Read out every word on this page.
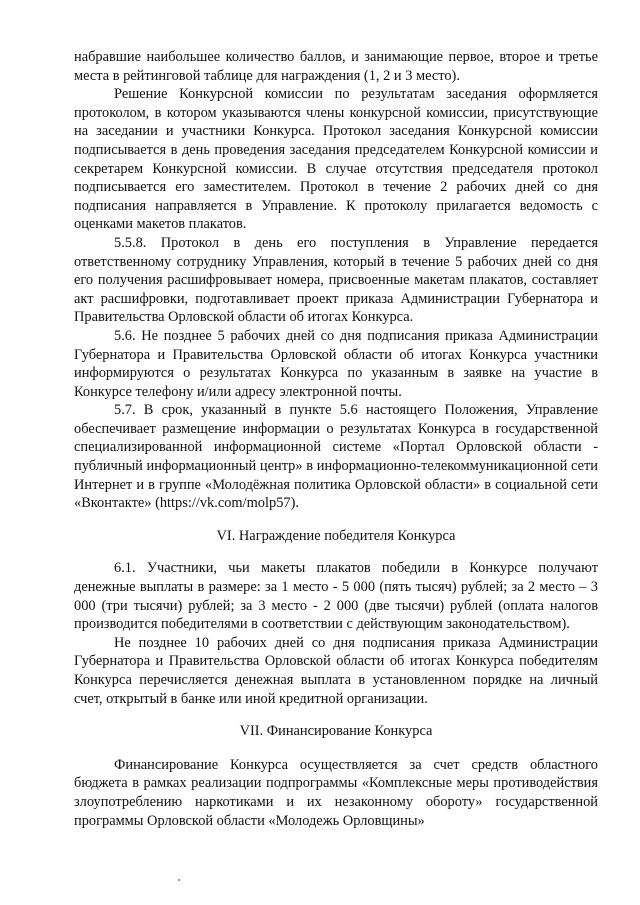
набравшие наибольшее количество баллов, и занимающие первое, второе и третье места в рейтинговой таблице для награждения (1, 2 и 3 место).

Решение Конкурсной комиссии по результатам заседания оформляется протоколом, в котором указываются члены конкурсной комиссии, присутствующие на заседании и участники Конкурса. Протокол заседания Конкурсной комиссии подписывается в день проведения заседания председателем Конкурсной комиссии и секретарем Конкурсной комиссии. В случае отсутствия председателя протокол подписывается его заместителем. Протокол в течение 2 рабочих дней со дня подписания направляется в Управление. К протоколу прилагается ведомость с оценками макетов плакатов.

5.5.8. Протокол в день его поступления в Управление передается ответственному сотруднику Управления, который в течение 5 рабочих дней со дня его получения расшифровывает номера, присвоенные макетам плакатов, составляет акт расшифровки, подготавливает проект приказа Администрации Губернатора и Правительства Орловской области об итогах Конкурса.

5.6. Не позднее 5 рабочих дней со дня подписания приказа Администрации Губернатора и Правительства Орловской области об итогах Конкурса участники информируются о результатах Конкурса по указанным в заявке на участие в Конкурсе телефону и/или адресу электронной почты.

5.7. В срок, указанный в пункте 5.6 настоящего Положения, Управление обеспечивает размещение информации о результатах Конкурса в государственной специализированной информационной системе «Портал Орловской области - публичный информационный центр» в информационно-телекоммуникационной сети Интернет и в группе «Молодёжная политика Орловской области» в социальной сети «Вконтакте» (https://vk.com/molp57).

VI. Награждение победителя Конкурса

6.1. Участники, чьи макеты плакатов победили в Конкурсе получают денежные выплаты в размере: за 1 место - 5 000 (пять тысяч) рублей; за 2 место – 3 000 (три тысячи) рублей; за 3 место - 2 000 (две тысячи) рублей (оплата налогов производится победителями в соответствии с действующим законодательством).

Не позднее 10 рабочих дней со дня подписания приказа Администрации Губернатора и Правительства Орловской области об итогах Конкурса победителям Конкурса перечисляется денежная выплата в установленном порядке на личный счет, открытый в банке или иной кредитной организации.

VII. Финансирование Конкурса

Финансирование Конкурса осуществляется за счет средств областного бюджета в рамках реализации подпрограммы «Комплексные меры противодействия злоупотреблению наркотиками и их незаконному обороту» государственной программы Орловской области «Молодежь Орловщины»
